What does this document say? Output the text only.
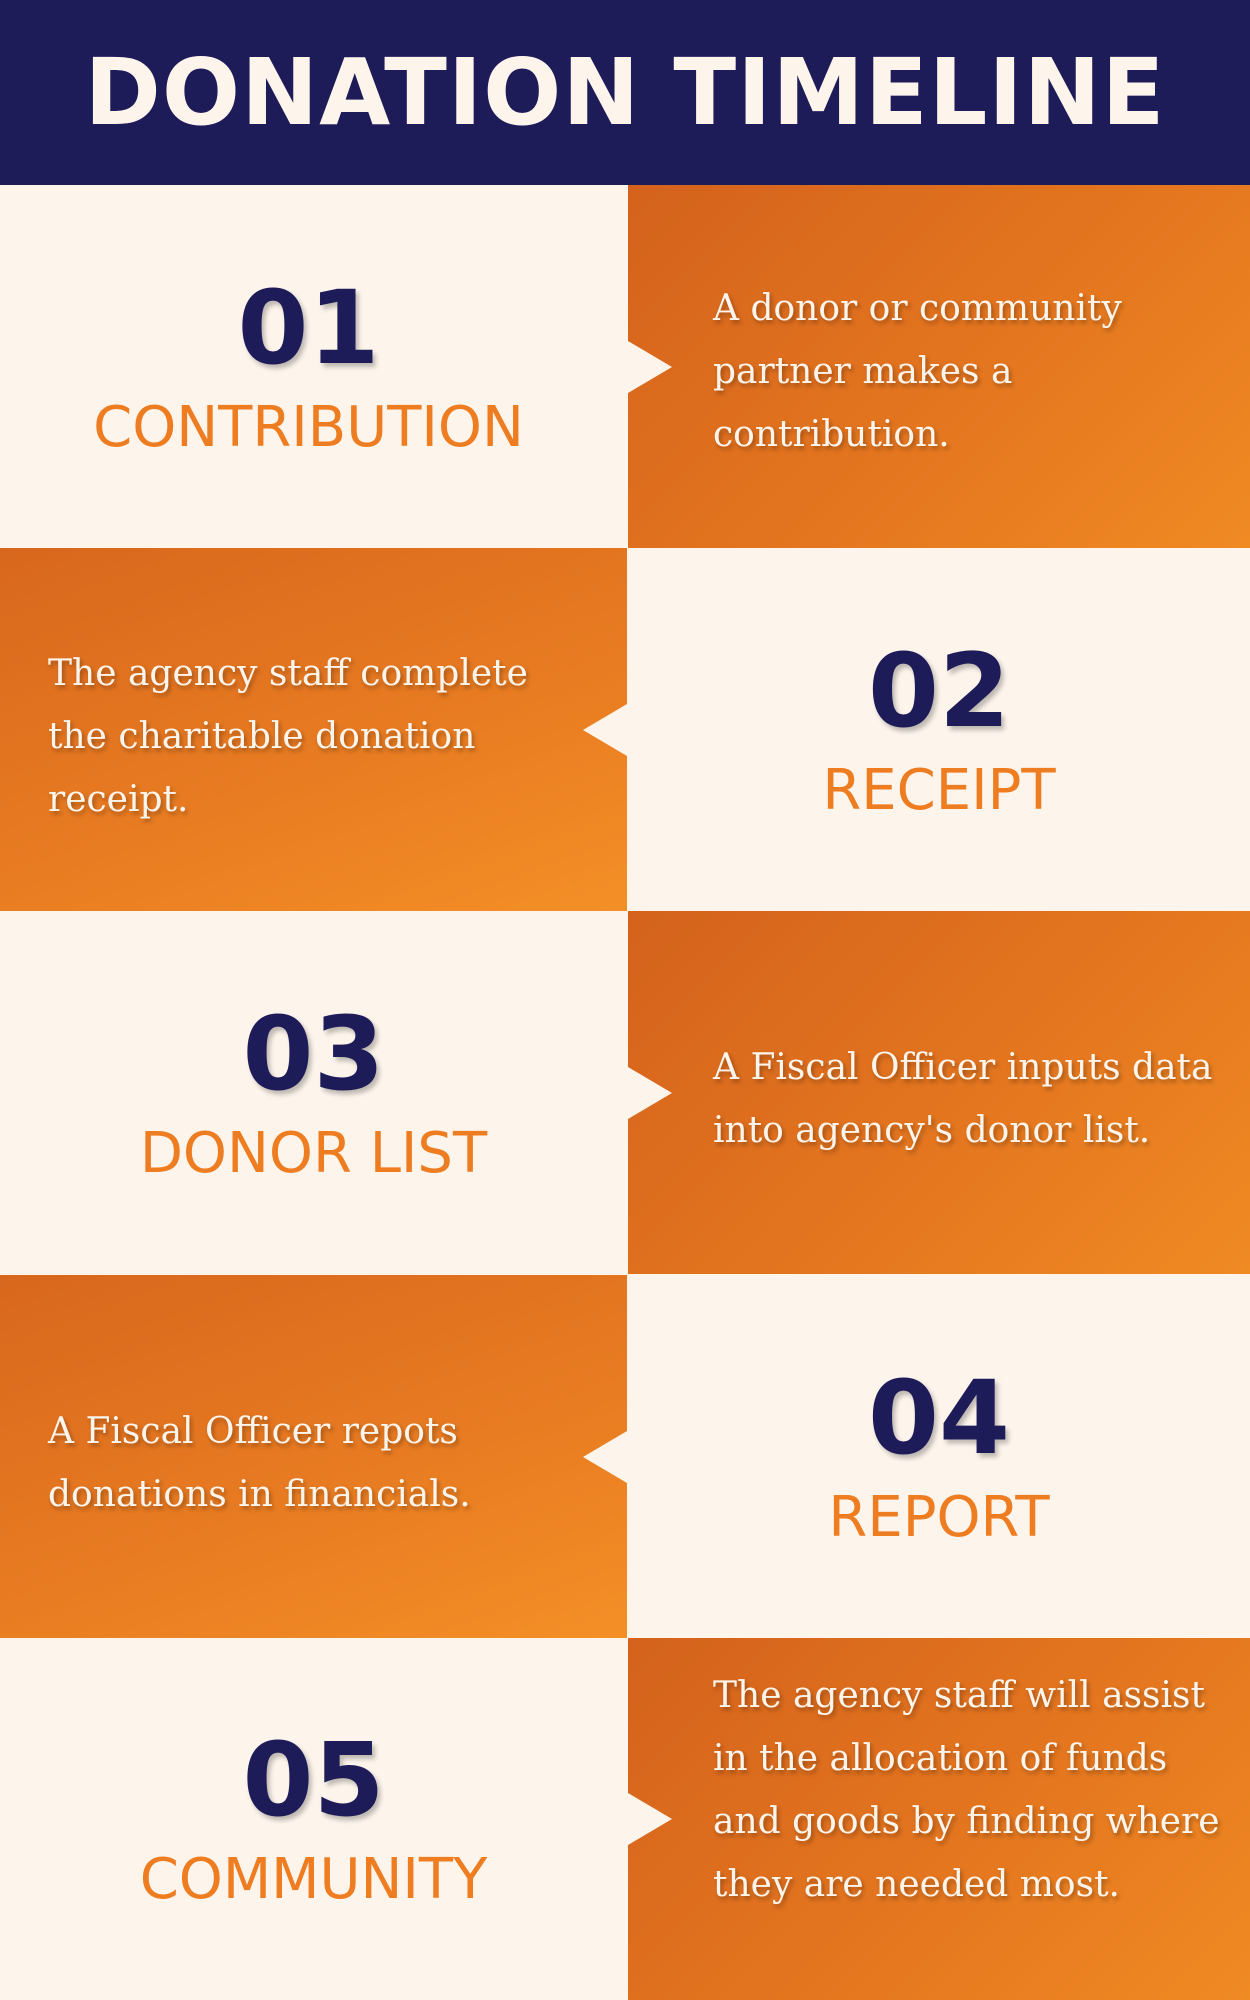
DONATION TIMELINE
01
CONTRIBUTION

A donor or community partner makes a contribution.

The agency staff complete the charitable donation receipt.

02
RECEIPT
03
DONOR LIST

A Fiscal Officer inputs data into agency's donor list.

A Fiscal Officer repots donations in financials.

04
REPORT
05
COMMUNITY

The agency staff will assist in the allocation of funds and goods by finding where they are needed most.
